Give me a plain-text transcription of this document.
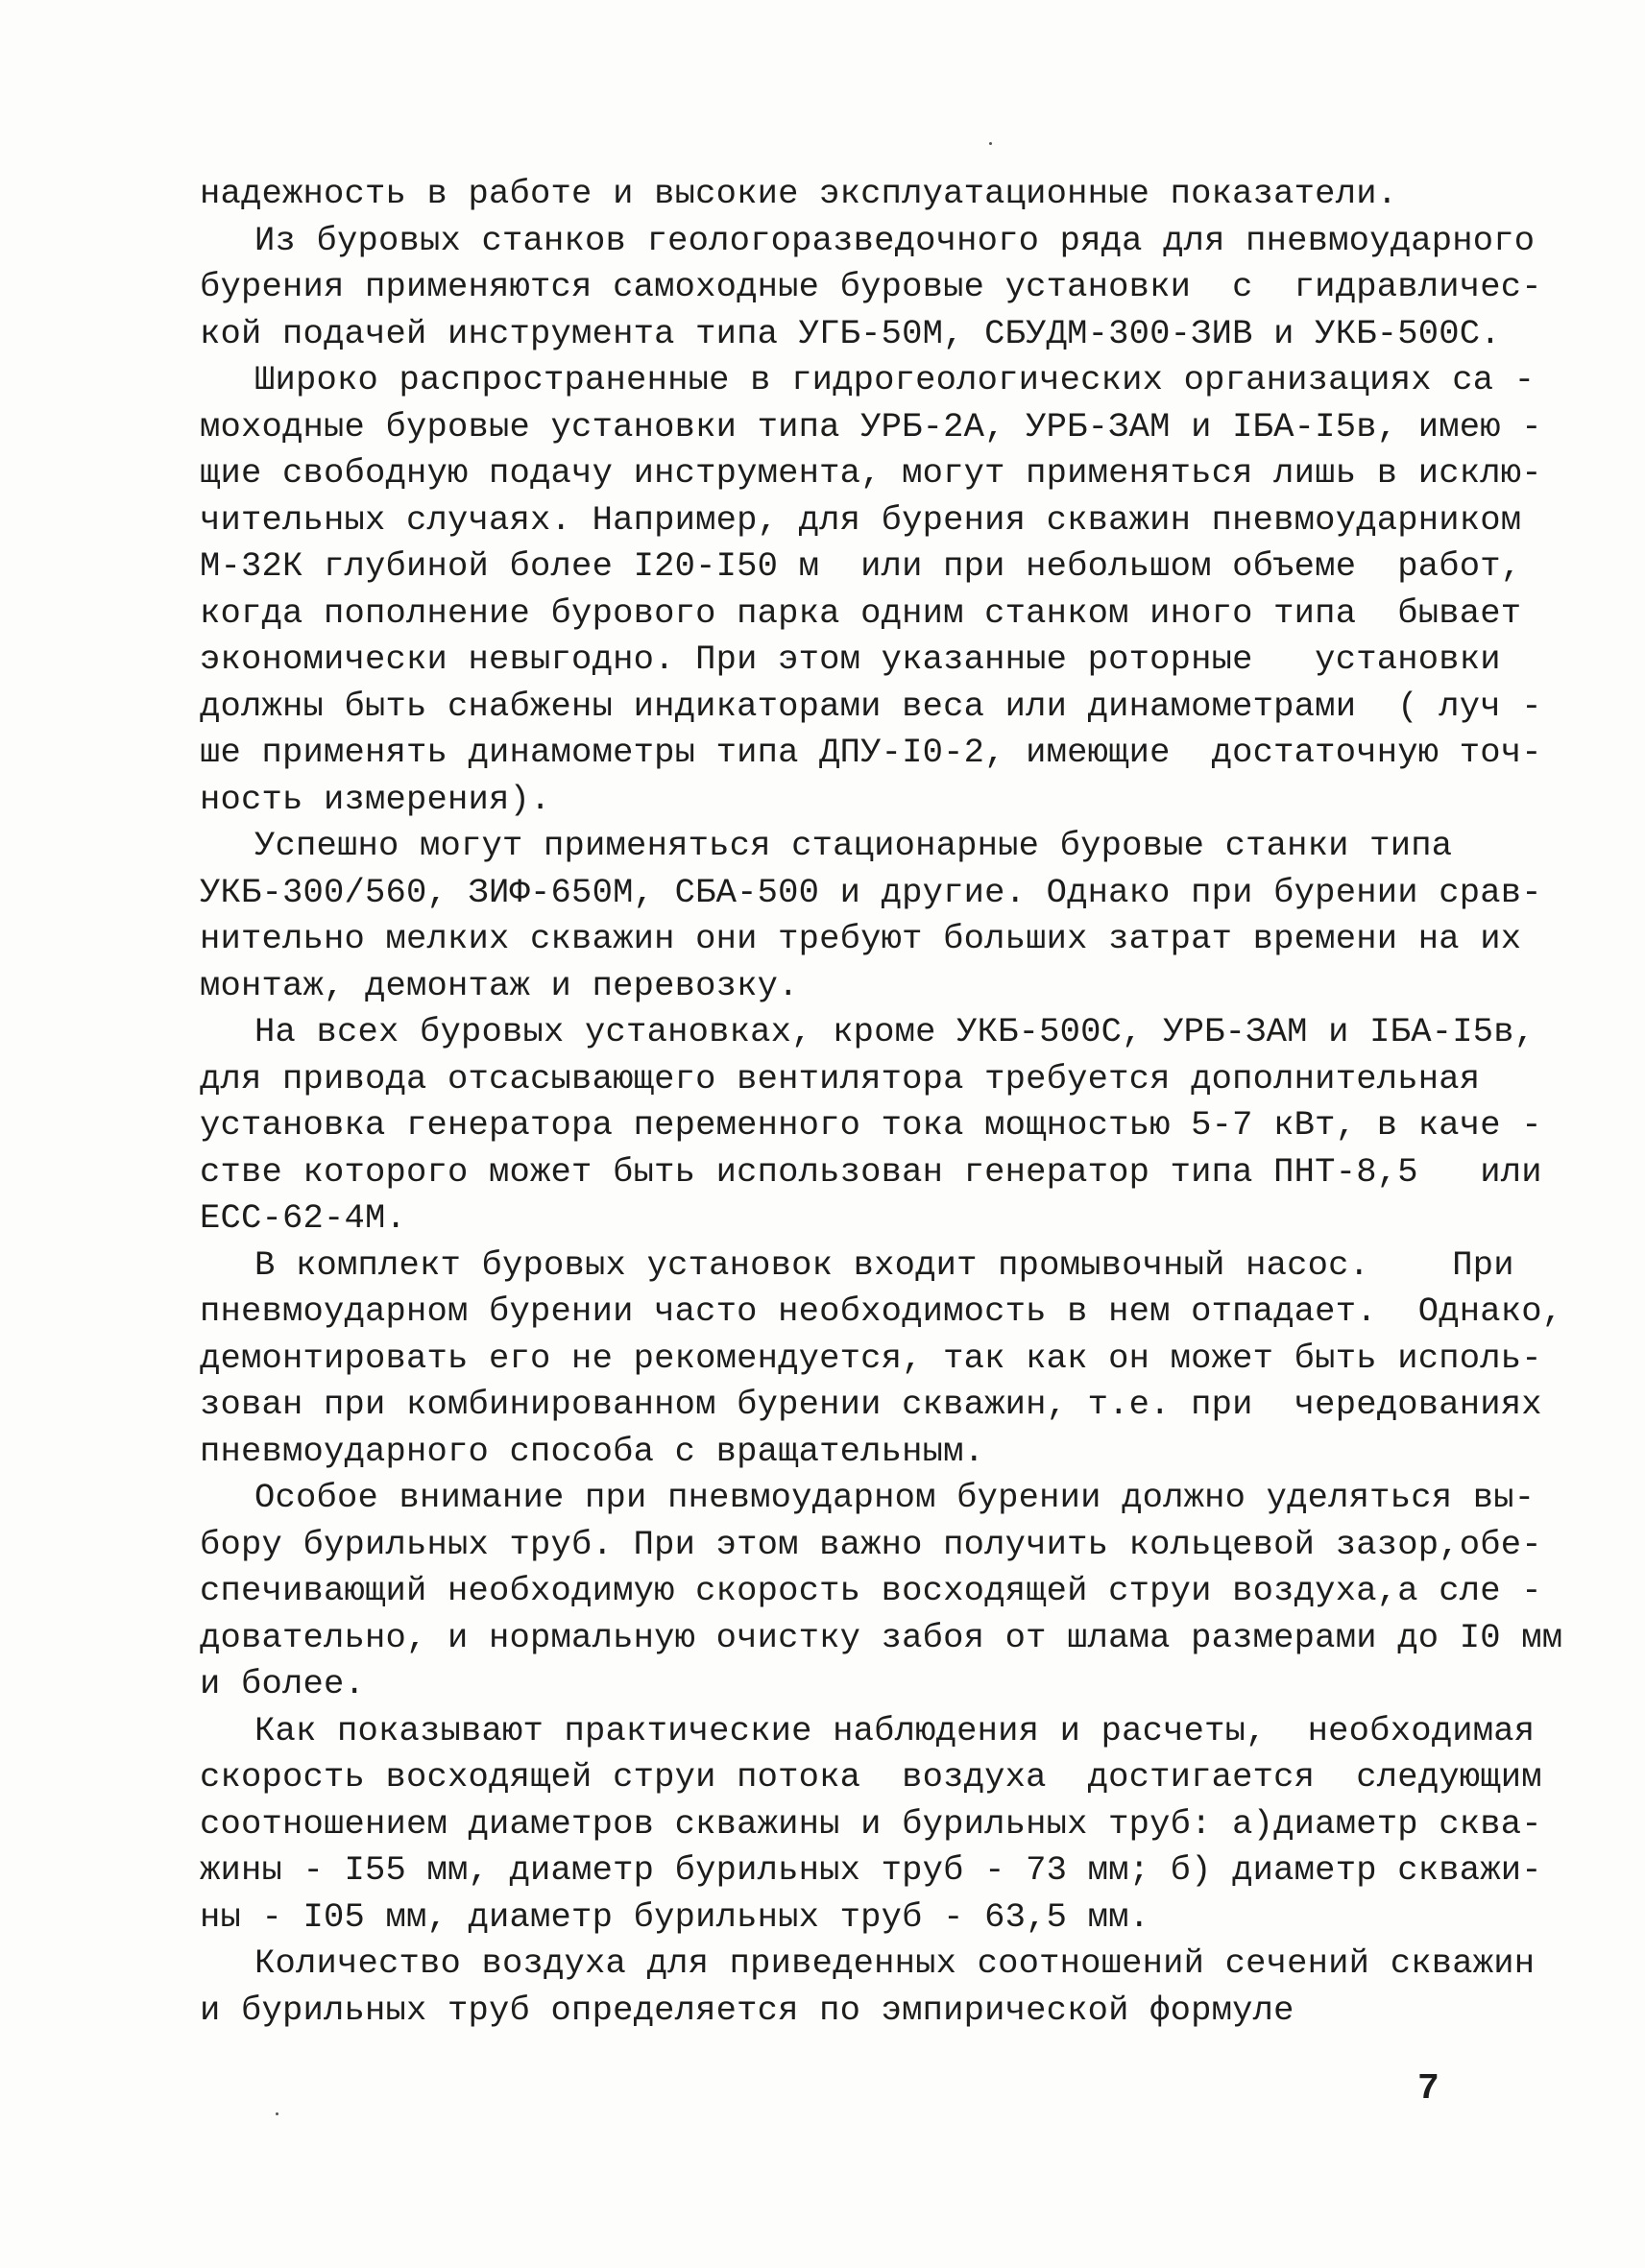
надежность в работе и высокие эксплуатационные показатели.
Из буровых станков геологоразведочного ряда для пневмоударного
бурения применяются самоходные буровые установки  с  гидравличес-
кой подачей инструмента типа УГБ-50М, СБУДМ-300-ЗИВ и УКБ-500С.
Широко распространенные в гидрогеологических организациях са -
моходные буровые установки типа УРБ-2А, УРБ-ЗАМ и IБА-I5в, имею -
щие свободную подачу инструмента, могут применяться лишь в исклю-
чительных случаях. Например, для бурения скважин пневмоударником
М-32К глубиной более I20-I50 м  или при небольшом объеме  работ,
когда пополнение бурового парка одним станком иного типа  бывает
экономически невыгодно. При этом указанные роторные   установки
должны быть снабжены индикаторами веса или динамометрами  ( луч -
ше применять динамометры типа ДПУ-I0-2, имеющие  достаточную точ-
ность измерения).
Успешно могут применяться стационарные буровые станки типа
УКБ-300/560, ЗИФ-650М, СБА-500 и другие. Однако при бурении срав-
нительно мелких скважин они требуют больших затрат времени на их
монтаж, демонтаж и перевозку.
На всех буровых установках, кроме УКБ-500С, УРБ-ЗАМ и IБА-I5в,
для привода отсасывающего вентилятора требуется дополнительная
установка генератора переменного тока мощностью 5-7 кВт, в каче -
стве которого может быть использован генератор типа ПНТ-8,5   или
ЕСС-62-4М.
В комплект буровых установок входит промывочный насос.    При
пневмоударном бурении часто необходимость в нем отпадает.  Однако,
демонтировать его не рекомендуется, так как он может быть исполь-
зован при комбинированном бурении скважин, т.е. при  чередованиях
пневмоударного способа с вращательным.
Особое внимание при пневмоударном бурении должно уделяться вы-
бору бурильных труб. При этом важно получить кольцевой зазор,обе-
спечивающий необходимую скорость восходящей струи воздуха,а сле -
довательно, и нормальную очистку забоя от шлама размерами до I0 мм
и более.
Как показывают практические наблюдения и расчеты,  необходимая
скорость восходящей струи потока  воздуха  достигается  следующим
соотношением диаметров скважины и бурильных труб: а)диаметр сква-
жины - I55 мм, диаметр бурильных труб - 73 мм; б) диаметр скважи-
ны - I05 мм, диаметр бурильных труб - 63,5 мм.
Количество воздуха для приведенных соотношений сечений скважин
и бурильных труб определяется по эмпирической формуле
7
